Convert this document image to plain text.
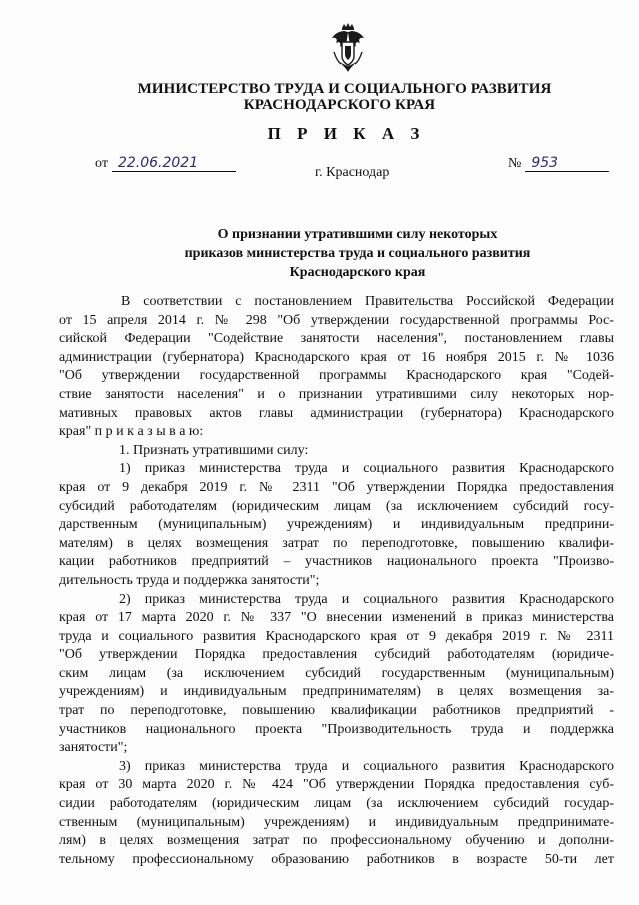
МИНИСТЕРСТВО ТРУДА И СОЦИАЛЬНОГО РАЗВИТИЯ
КРАСНОДАРСКОГО КРАЯ
П Р И К А З
от 22.06.2021
г. Краснодар
№ 953
О признании утратившими силу некоторых
приказов министерства труда и социального развития
Краснодарского края
В соответствии с постановлением Правительства Российской Федерации
от 15 апреля 2014 г. № 298 "Об утверждении государственной программы Рос-
сийской Федерации "Содействие занятости населения", постановлением главы
администрации (губернатора) Краснодарского края от 16 ноября 2015 г. № 1036
"Об утверждении государственной программы Краснодарского края "Содей-
ствие занятости населения" и о признании утратившими силу некоторых нор-
мативных правовых актов главы администрации (губернатора) Краснодарского
края" п р и к а з ы в а ю:
1. Признать утратившими силу:
1) приказ министерства труда и социального развития Краснодарского
края от 9 декабря 2019 г. № 2311 "Об утверждении Порядка предоставления
субсидий работодателям (юридическим лицам (за исключением субсидий госу-
дарственным (муниципальным) учреждениям) и индивидуальным предприни-
мателям) в целях возмещения затрат по переподготовке, повышению квалифи-
кации работников предприятий – участников национального проекта "Произво-
дительность труда и поддержка занятости";
2) приказ министерства труда и социального развития Краснодарского
края от 17 марта 2020 г. № 337 "О внесении изменений в приказ министерства
труда и социального развития Краснодарского края от 9 декабря 2019 г. № 2311
"Об утверждении Порядка предоставления субсидий работодателям (юридиче-
ским лицам (за исключением субсидий государственным (муниципальным)
учреждениям) и индивидуальным предпринимателям) в целях возмещения за-
трат по переподготовке, повышению квалификации работников предприятий -
участников национального проекта "Производительность труда и поддержка
занятости";
3) приказ министерства труда и социального развития Краснодарского
края от 30 марта 2020 г. № 424 "Об утверждении Порядка предоставления суб-
сидии работодателям (юридическим лицам (за исключением субсидий государ-
ственным (муниципальным) учреждениям) и индивидуальным предпринимате-
лям) в целях возмещения затрат по профессиональному обучению и дополни-
тельному профессиональному образованию работников в возрасте 50-ти лет
